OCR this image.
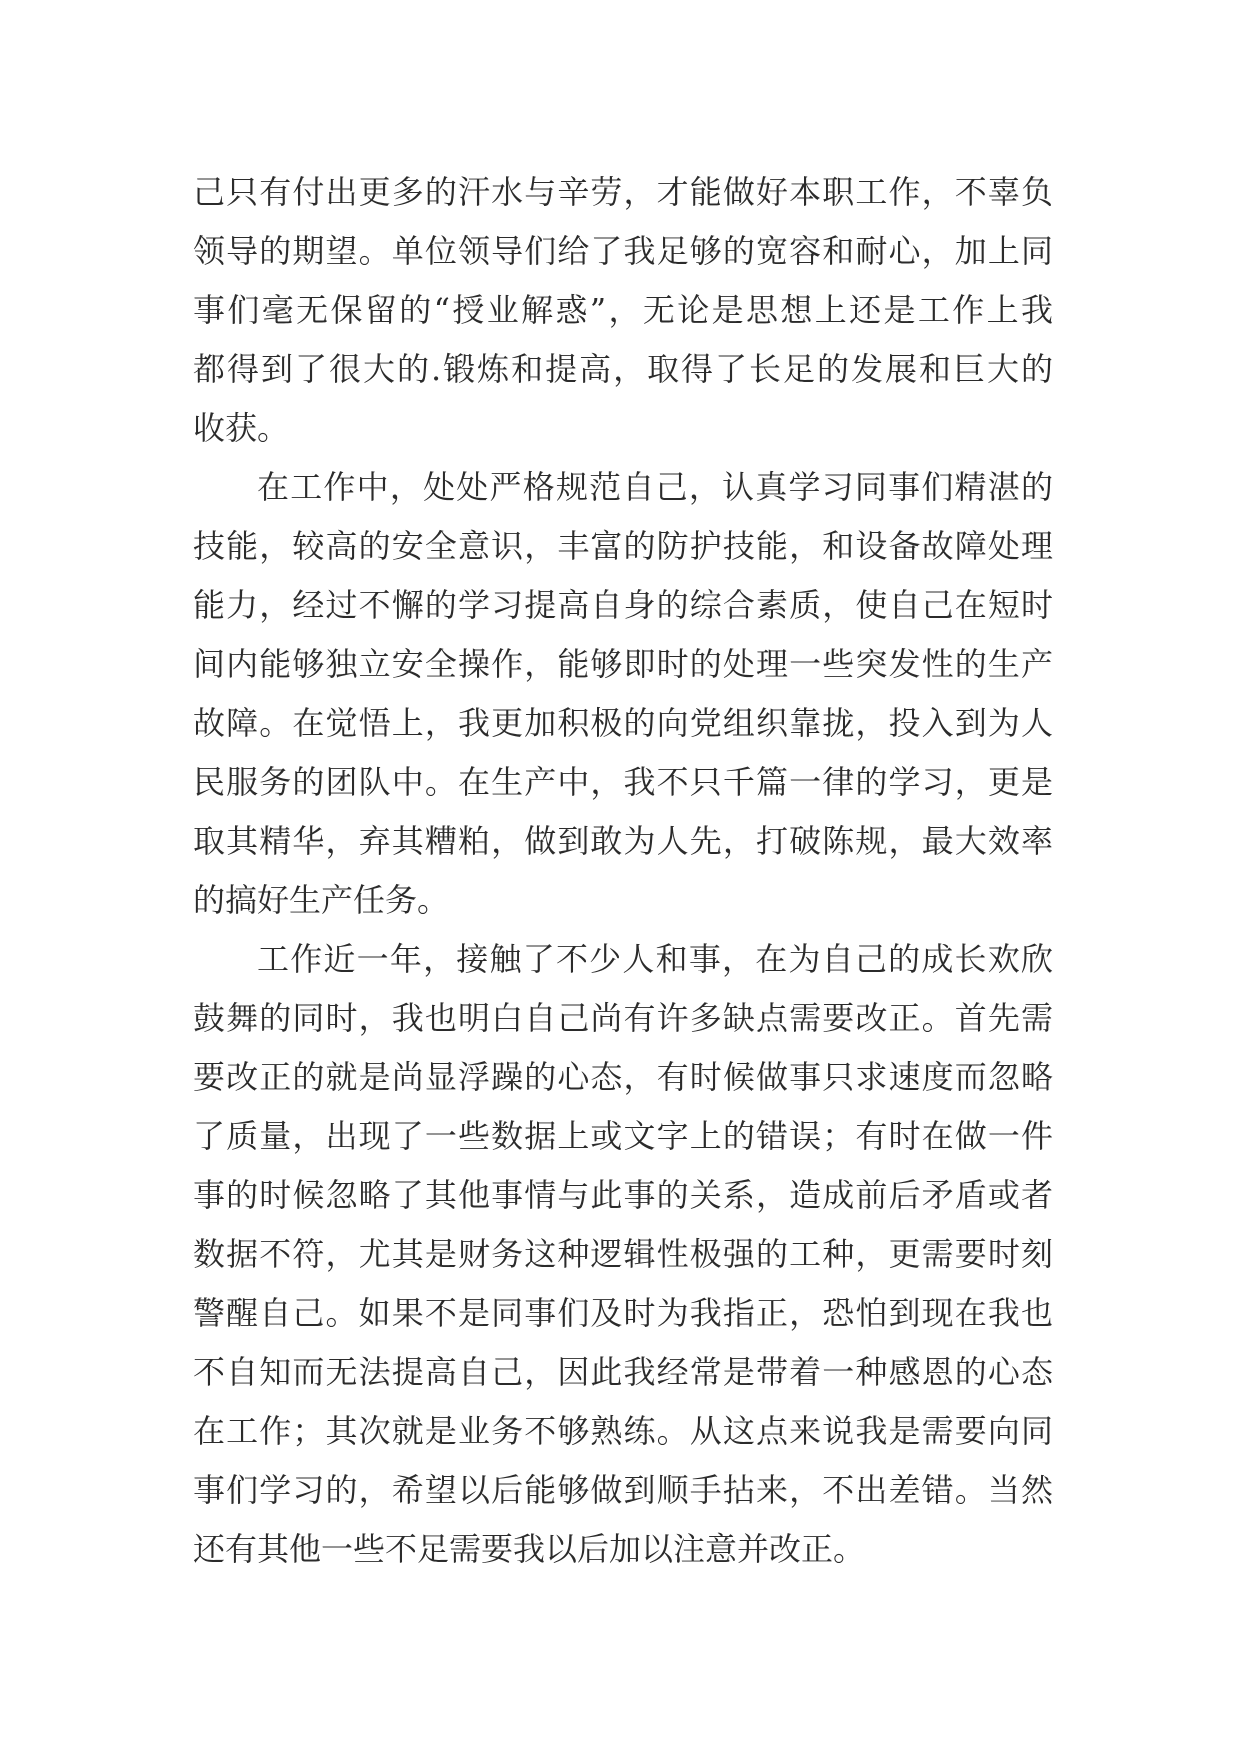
己只有付出更多的汗水与辛劳，才能做好本职工作，不辜负
领导的期望。单位领导们给了我足够的宽容和耐心，加上同
事们毫无保留的“授业解惑”，无论是思想上还是工作上我
都得到了很大的.锻炼和提高，取得了长足的发展和巨大的
收获。
在工作中，处处严格规范自己，认真学习同事们精湛的
技能，较高的安全意识，丰富的防护技能，和设备故障处理
能力，经过不懈的学习提高自身的综合素质，使自己在短时
间内能够独立安全操作，能够即时的处理一些突发性的生产
故障。在觉悟上，我更加积极的向党组织靠拢，投入到为人
民服务的团队中。在生产中，我不只千篇一律的学习，更是
取其精华，弃其糟粕，做到敢为人先，打破陈规，最大效率
的搞好生产任务。
工作近一年，接触了不少人和事，在为自己的成长欢欣
鼓舞的同时，我也明白自己尚有许多缺点需要改正。首先需
要改正的就是尚显浮躁的心态，有时候做事只求速度而忽略
了质量，出现了一些数据上或文字上的错误；有时在做一件
事的时候忽略了其他事情与此事的关系，造成前后矛盾或者
数据不符，尤其是财务这种逻辑性极强的工种，更需要时刻
警醒自己。如果不是同事们及时为我指正，恐怕到现在我也
不自知而无法提高自己，因此我经常是带着一种感恩的心态
在工作；其次就是业务不够熟练。从这点来说我是需要向同
事们学习的，希望以后能够做到顺手拈来，不出差错。当然
还有其他一些不足需要我以后加以注意并改正。
